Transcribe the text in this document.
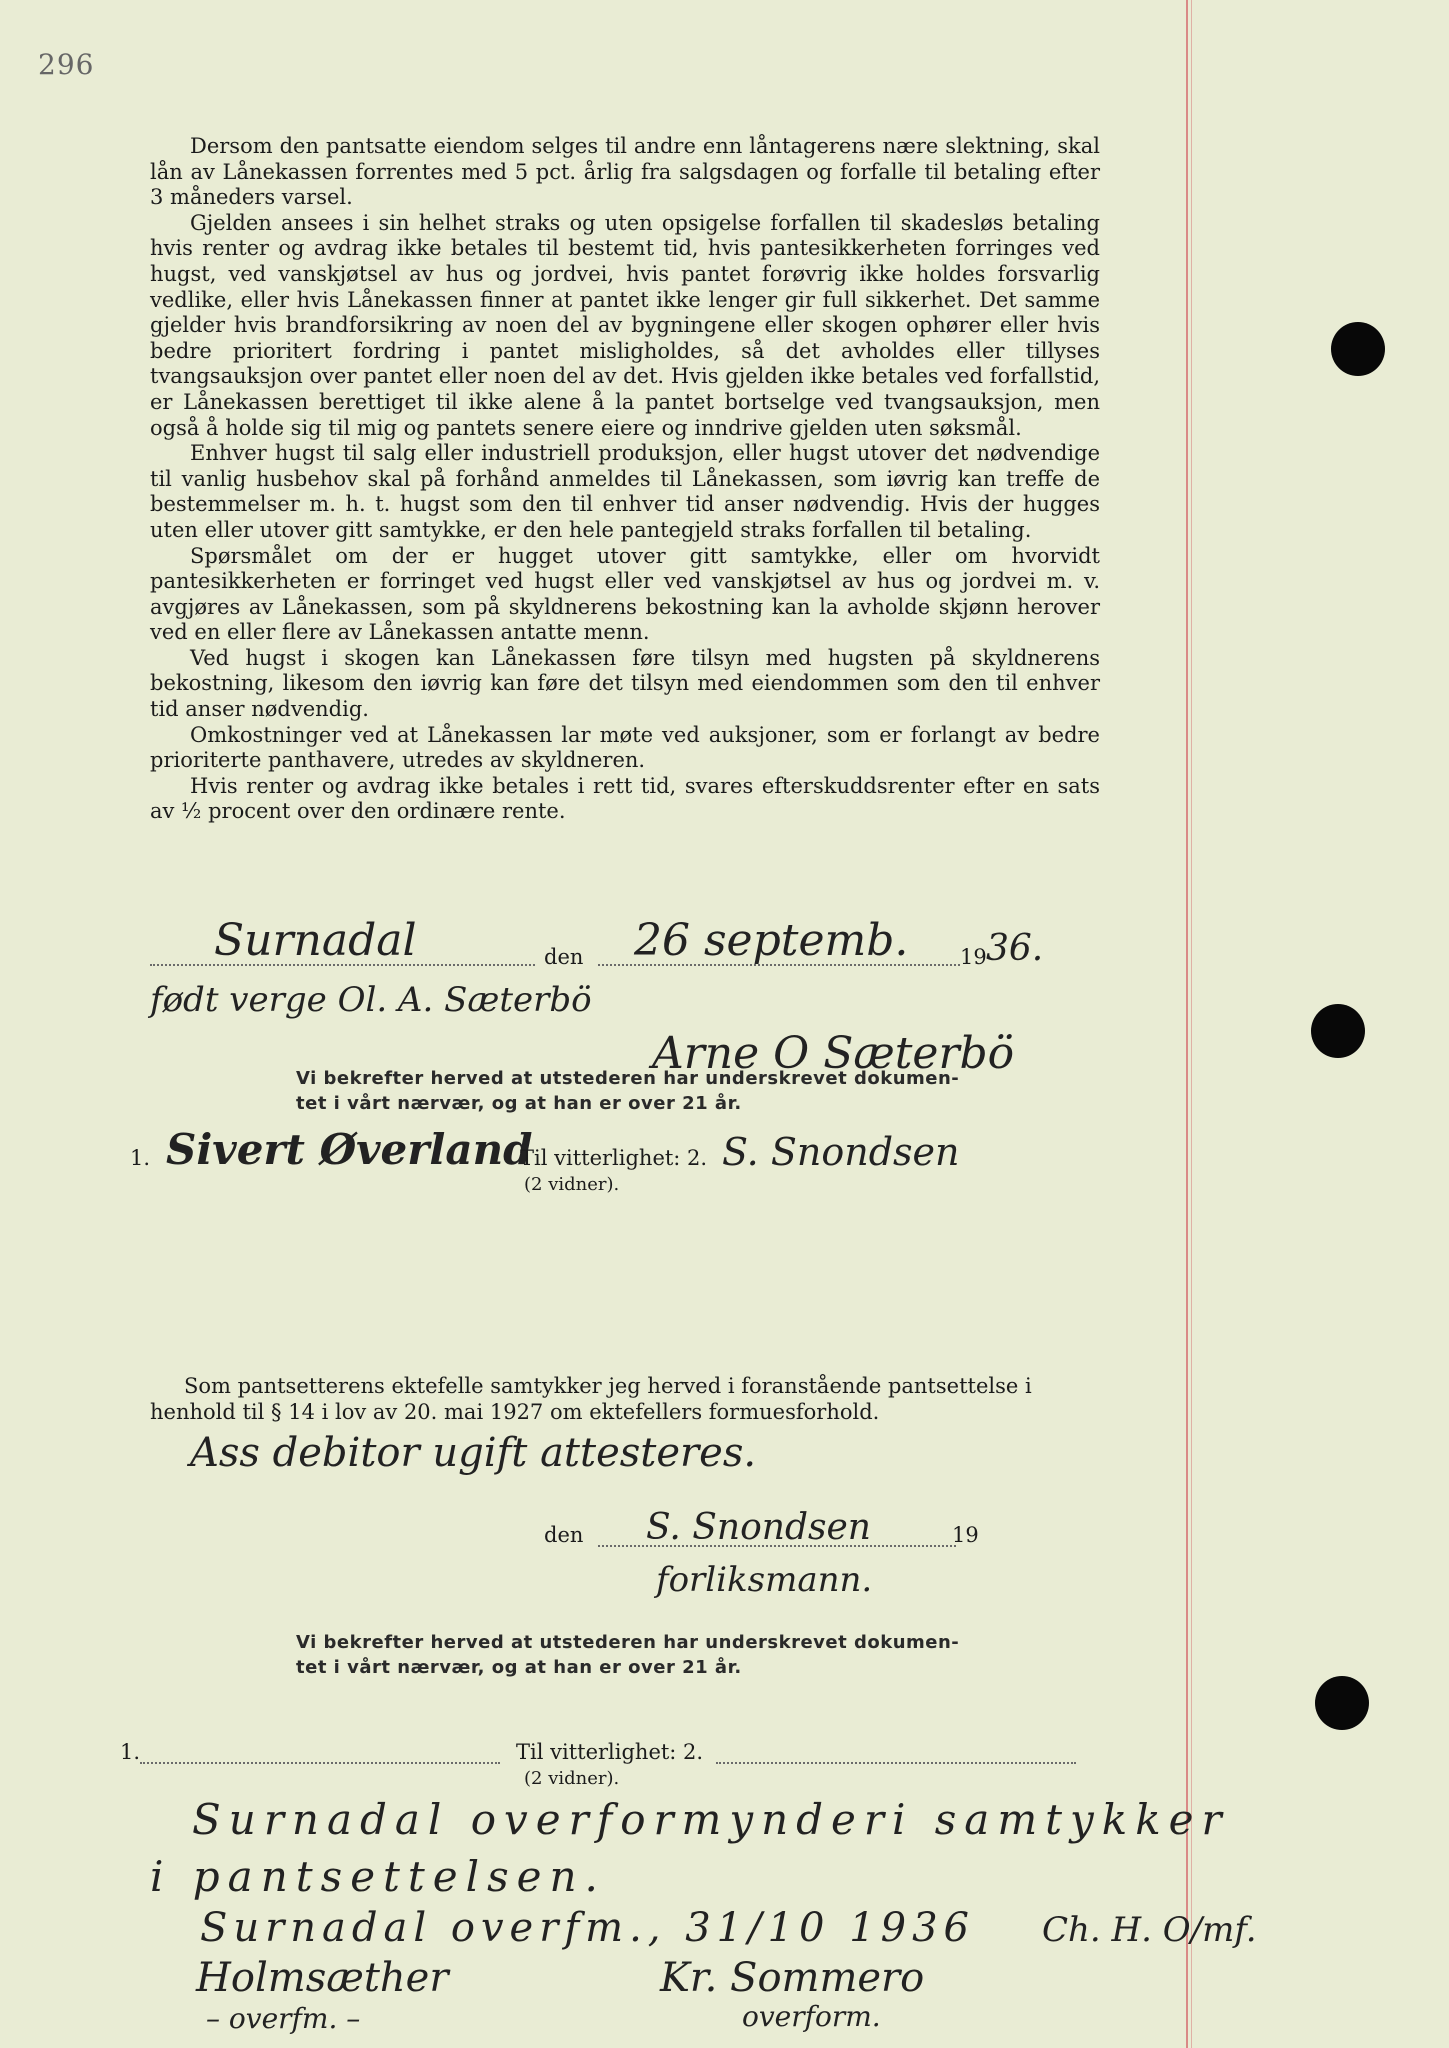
296

Dersom den pantsatte eiendom selges til andre enn låntagerens nære slektning, skal lån av Lånekassen forrentes med 5 pct. årlig fra salgsdagen og forfalle til betaling efter 3 måneders varsel.

Gjelden ansees i sin helhet straks og uten opsigelse forfallen til skadesløs betaling hvis renter og avdrag ikke betales til bestemt tid, hvis pantesikkerheten forringes ved hugst, ved vanskjøtsel av hus og jordvei, hvis pantet forøvrig ikke holdes forsvarlig vedlike, eller hvis Lånekassen finner at pantet ikke lenger gir full sikkerhet. Det samme gjelder hvis brandforsikring av noen del av bygningene eller skogen ophører eller hvis bedre prioritert fordring i pantet misligholdes, så det avholdes eller tillyses tvangsauksjon over pantet eller noen del av det. Hvis gjelden ikke betales ved forfallstid, er Lånekassen berettiget til ikke alene å la pantet bortselge ved tvangsauksjon, men også å holde sig til mig og pantets senere eiere og inndrive gjelden uten søksmål.

Enhver hugst til salg eller industriell produksjon, eller hugst utover det nødvendige til vanlig husbehov skal på forhånd anmeldes til Lånekassen, som iøvrig kan treffe de bestemmelser m. h. t. hugst som den til enhver tid anser nødvendig. Hvis der hugges uten eller utover gitt samtykke, er den hele pantegjeld straks forfallen til betaling.

Spørsmålet om der er hugget utover gitt samtykke, eller om hvorvidt pantesikkerheten er forringet ved hugst eller ved vanskjøtsel av hus og jordvei m. v. avgjøres av Lånekassen, som på skyldnerens bekostning kan la avholde skjønn herover ved en eller flere av Lånekassen antatte menn.

Ved hugst i skogen kan Lånekassen føre tilsyn med hugsten på skyldnerens bekostning, likesom den iøvrig kan føre det tilsyn med eiendommen som den til enhver tid anser nødvendig.

Omkostninger ved at Lånekassen lar møte ved auksjoner, som er forlangt av bedre prioriterte panthavere, utredes av skyldneren.

Hvis renter og avdrag ikke betales i rett tid, svares efterskuddsrenter efter en sats av ½ procent over den ordinære rente.

Surnadal	den 26 septemb. 19 36.
født verge Ol. A. Sæterbö
Arne O Sæterbö
Vi bekrefter herved at utstederen har underskrevet dokumen-
tet i vårt nærvær, og at han er over 21 år.
1. Sivert Øverland
Til vitterlighet: 2. S. Snondsen
(2 vidner).
Som pantsetterens ektefelle samtykker jeg herved i foranstående pantsettelse i
henhold til § 14 i lov av 20. mai 1927 om ektefellers formuesforhold.
Ass debitor ugift attesteres.
den S. Snondsen	19
forliksmann.
Vi bekrefter herved at utstederen har underskrevet dokumen-
tet i vårt nærvær, og at han er over 21 år.
1.	Til vitterlighet: 2.
(2 vidner).
Surnadal overformynderi samtykker
i pantsettelsen.
Surnadal overfm., 31/10 1936 Ch. H. O/mf.
Holmsæther
– overfm. –
Kr. Sommero
overform.
